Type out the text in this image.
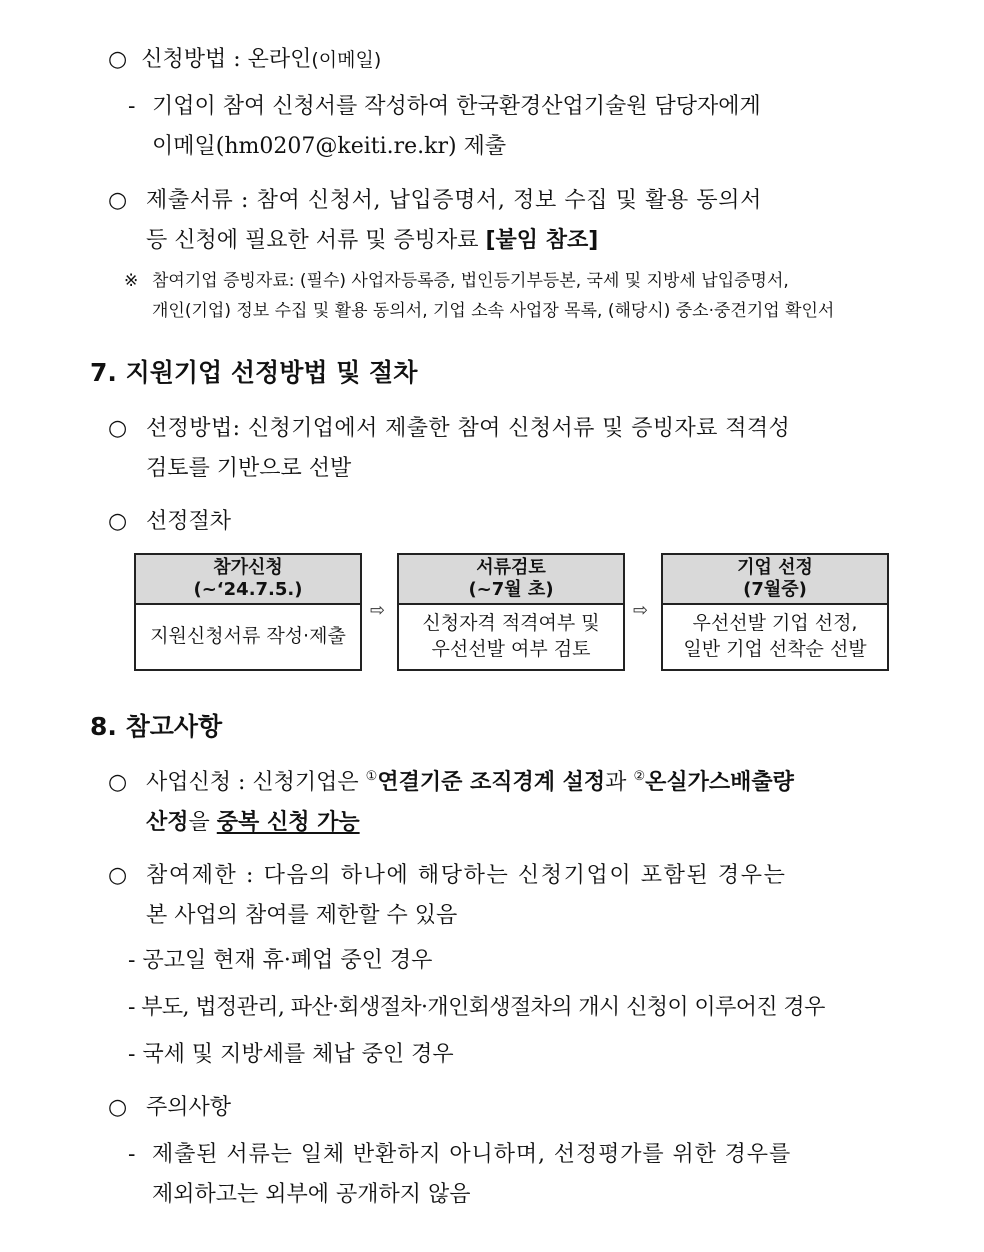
○ 신청방법 : 온라인(이메일)
- 기업이 참여 신청서를 작성하여 한국환경산업기술원 담당자에게
이메일(hm0207@keiti.re.kr) 제출
○ 제출서류 : 참여 신청서, 납입증명서, 정보 수집 및 활용 동의서
등 신청에 필요한 서류 및 증빙자료 [붙임 참조]
※ 참여기업 증빙자료: (필수) 사업자등록증, 법인등기부등본, 국세 및 지방세 납입증명서,
개인(기업) 정보 수집 및 활용 동의서, 기업 소속 사업장 목록, (해당시) 중소·중견기업 확인서
7. 지원기업 선정방법 및 절차
○ 선정방법: 신청기업에서 제출한 참여 신청서류 및 증빙자료 적격성
검토를 기반으로 선발
○ 선정절차
참가신청
(~‘24.7.5.)
지원신청서류 작성·제출
⇨
서류검토
(~7월 초)
신청자격 적격여부 및
우선선발 여부 검토
⇨
기업 선정
(7월중)
우선선발 기업 선정,
일반 기업 선착순 선발
8. 참고사항
○ 사업신청 : 신청기업은 ①연결기준 조직경계 설정과 ②온실가스배출량
산정을 중복 신청 가능
○ 참여제한 : 다음의 하나에 해당하는 신청기업이 포함된 경우는
본 사업의 참여를 제한할 수 있음
- 공고일 현재 휴·폐업 중인 경우
- 부도, 법정관리, 파산·회생절차·개인회생절차의 개시 신청이 이루어진 경우
- 국세 및 지방세를 체납 중인 경우
○ 주의사항
- 제출된 서류는 일체 반환하지 아니하며, 선정평가를 위한 경우를
제외하고는 외부에 공개하지 않음
